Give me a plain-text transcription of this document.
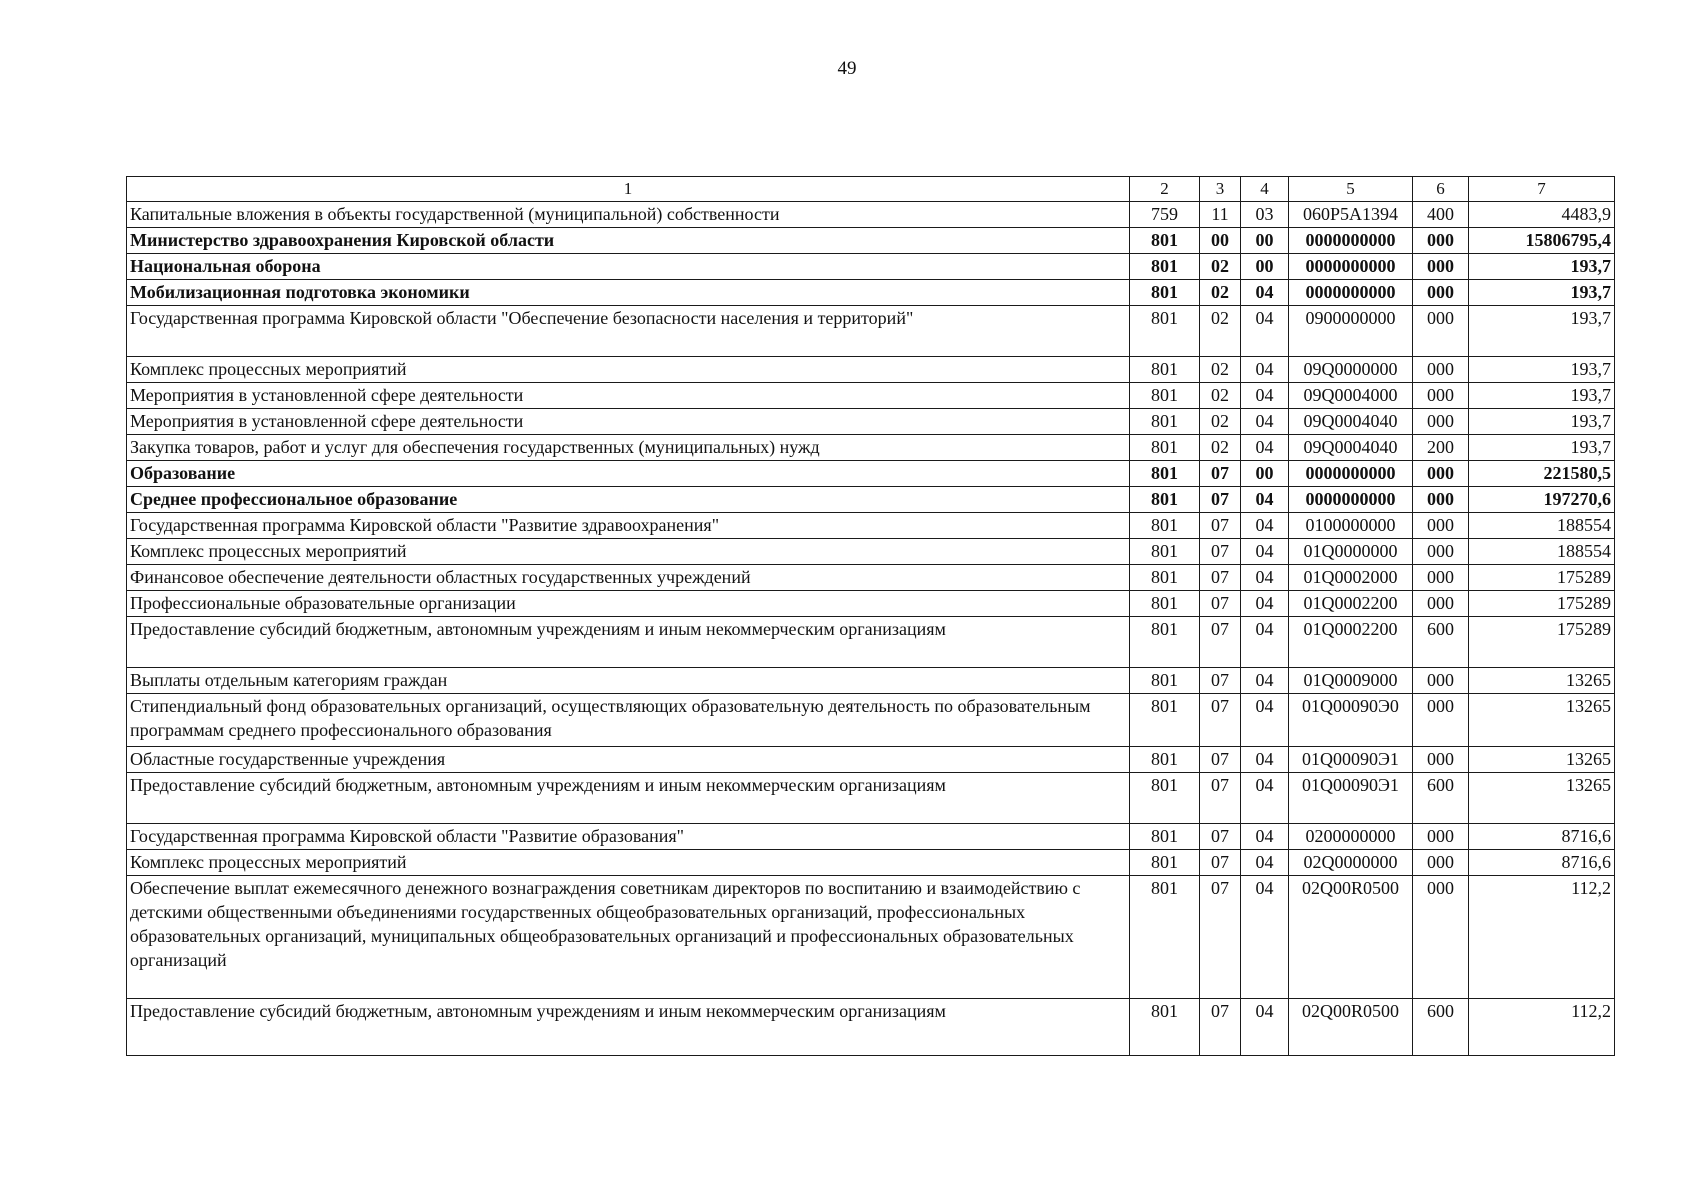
49
1	2	3	4	5	6	7
Капитальные вложения в объекты государственной (муниципальной) собственности	759	11	03	060P5A1394	400	4483,9
Министерство здравоохранения Кировской области	801	00	00	0000000000	000	15806795,4
Национальная оборона	801	02	00	0000000000	000	193,7
Мобилизационная подготовка экономики	801	02	04	0000000000	000	193,7
Государственная программа Кировской области "Обеспечение безопасности населения и территорий"	801	02	04	0900000000	000	193,7
Комплекс процессных мероприятий	801	02	04	09Q0000000	000	193,7
Мероприятия в установленной сфере деятельности	801	02	04	09Q0004000	000	193,7
Мероприятия в установленной сфере деятельности	801	02	04	09Q0004040	000	193,7
Закупка товаров, работ и услуг для обеспечения государственных (муниципальных) нужд	801	02	04	09Q0004040	200	193,7
Образование	801	07	00	0000000000	000	221580,5
Среднее профессиональное образование	801	07	04	0000000000	000	197270,6
Государственная программа Кировской области "Развитие здравоохранения"	801	07	04	0100000000	000	188554
Комплекс процессных мероприятий	801	07	04	01Q0000000	000	188554
Финансовое обеспечение деятельности областных государственных учреждений	801	07	04	01Q0002000	000	175289
Профессиональные образовательные организации	801	07	04	01Q0002200	000	175289
Предоставление субсидий бюджетным, автономным учреждениям и иным некоммерческим организациям	801	07	04	01Q0002200	600	175289
Выплаты отдельным категориям граждан	801	07	04	01Q0009000	000	13265
Стипендиальный фонд образовательных организаций, осуществляющих образовательную деятельность по образовательным программам среднего профессионального образования	801	07	04	01Q00090Э0	000	13265
Областные государственные учреждения	801	07	04	01Q00090Э1	000	13265
Предоставление субсидий бюджетным, автономным учреждениям и иным некоммерческим организациям	801	07	04	01Q00090Э1	600	13265
Государственная программа Кировской области "Развитие образования"	801	07	04	0200000000	000	8716,6
Комплекс процессных мероприятий	801	07	04	02Q0000000	000	8716,6
Обеспечение выплат ежемесячного денежного вознаграждения советникам директоров по воспитанию и взаимодействию с детскими общественными объединениями государственных общеобразовательных организаций, профессиональных образовательных организаций, муниципальных общеобразовательных организаций и профессиональных образовательных организаций	801	07	04	02Q00R0500	000	112,2
Предоставление субсидий бюджетным, автономным учреждениям и иным некоммерческим организациям	801	07	04	02Q00R0500	600	112,2
